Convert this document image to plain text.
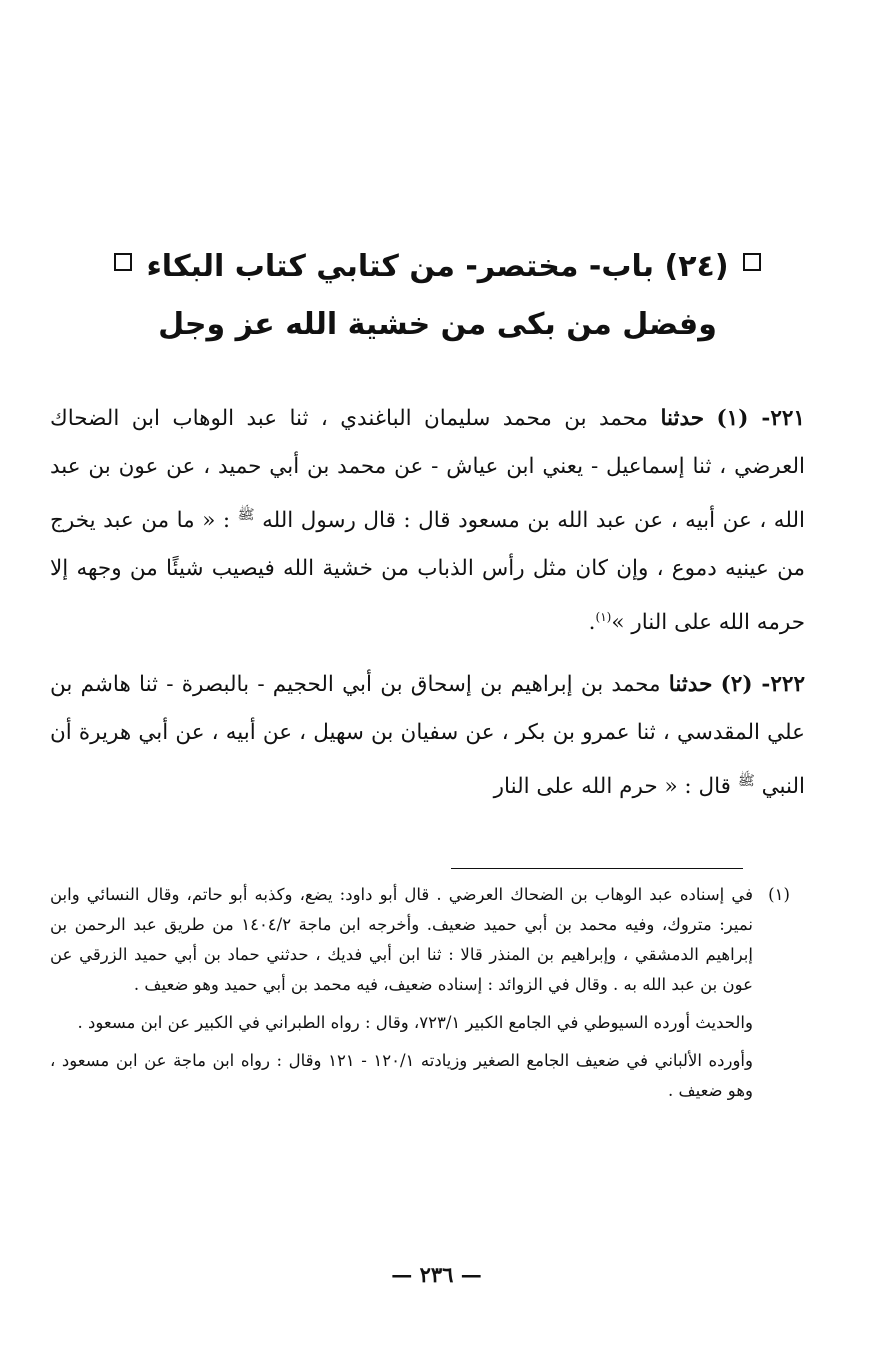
(٢٤) باب- مختصر- من كتابي كتاب البكاء
وفضل من بكى من خشية الله عز وجل

٢٢١- (١) حدثنا محمد بن محمد سليمان الباغندي ، ثنا عبد الوهاب ابن الضحاك العرضي ، ثنا إسماعيل - يعني ابن عياش - عن محمد بن أبي حميد ، عن عون بن عبد الله ، عن أبيه ، عن عبد الله بن مسعود قال : قال رسول الله $^ﷺ$ : « ما من عبد يخرج من عينيه دموع ، وإن كان مثل رأس الذباب من خشية الله فيصيب شيئًا من وجهه إلا حرمه الله على النار »$^{(١)}$.

٢٢٢- (٢) حدثنا محمد بن إبراهيم بن إسحاق بن أبي الحجيم - بالبصرة - ثنا هاشم بن علي المقدسي ، ثنا عمرو بن بكر ، عن سفيان بن سهيل ، عن أبيه ، عن أبي هريرة أن النبي $^ﷺ$ قال : « حرم الله على النار

(١)
في إسناده عبد الوهاب بن الضحاك العرضي . قال أبو داود: يضع، وكذبه أبو حاتم، وقال النسائي وابن نمير: متروك، وفيه محمد بن أبي حميد ضعيف. وأخرجه ابن ماجة ١٤٠٤/٢ من طريق عبد الرحمن بن إبراهيم الدمشقي ، وإبراهيم بن المنذر قالا : ثنا ابن أبي فديك ، حدثني حماد بن أبي حميد الزرقي عن عون بن عبد الله به . وقال في الزوائد : إسناده ضعيف، فيه محمد بن أبي حميد وهو ضعيف .

والحديث أورده السيوطي في الجامع الكبير ٧٢٣/١، وقال : رواه الطبراني في الكبير عن ابن مسعود .

وأورده الألباني في ضعيف الجامع الصغير وزيادته ١٢٠/١ - ١٢١ وقال : رواه ابن ماجة عن ابن مسعود ، وهو ضعيف .

— ٢٣٦ —
